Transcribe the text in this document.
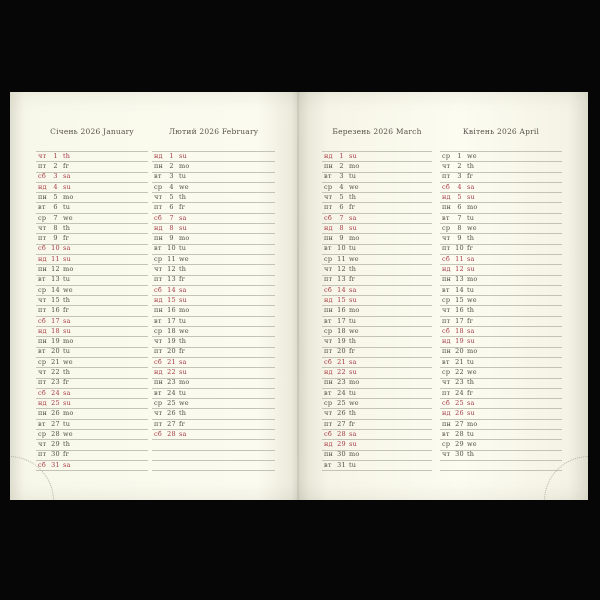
Січень 2026 January
чт	1 th
пт	2 fr
сб	3 sa
нд	4 su
пн 5 mo
вт	6 tu
ср	7 we
чт	8 th
пт	9 fr
сб 10 sa
нд 11 su
пн 12 mo
вт 13 tu
ср 14 we
чт 15 th
пт 16 fr
сб 17 sa
нд 18 su
пн 19 mo
вт 20 tu
ср 21 we
чт 22 th
пт 23 fr
сб 24 sa
нд 25 su
пн 26 mo
вт 27 tu
ср 28 we
чт 29 th
пт 30 fr
сб 31 sa
Лютий 2026 February
нд	1 su
пн 2 mo
вт	3 tu
ср	4 we
чт	5 th
пт	6 fr
сб	7 sa
нд	8 su
пн 9 mo
вт 10 tu
ср 11 we
чт 12 th
пт 13 fr
сб 14 sa
нд 15 su
пн 16 mo
вт 17 tu
ср 18 we
чт 19 th
пт 20 fr
сб 21 sa
нд 22 su
пн 23 mo
вт 24 tu
ср 25 we
чт 26 th
пт 27 fr
сб 28 sa
Березень 2026 March
нд	1 su
пн 2 mo
вт	3 tu
ср	4 we
чт	5 th
пт	6 fr
сб	7 sa
нд	8 su
пн 9 mo
вт 10 tu
ср 11 we
чт 12 th
пт 13 fr
сб 14 sa
нд 15 su
пн 16 mo
вт 17 tu
ср 18 we
чт 19 th
пт 20 fr
сб 21 sa
нд 22 su
пн 23 mo
вт 24 tu
ср 25 we
чт 26 th
пт 27 fr
сб 28 sa
нд 29 su
пн 30 mo
вт 31 tu
Квітень 2026 April
ср	1 we
чт	2 th
пт	3 fr
сб	4 sa
нд	5 su
пн 6 mo
вт	7 tu
ср	8 we
чт	9 th
пт 10 fr
сб 11 sa
нд 12 su
пн 13 mo
вт 14 tu
ср 15 we
чт 16 th
пт 17 fr
сб 18 sa
нд 19 su
пн 20 mo
вт 21 tu
ср 22 we
чт 23 th
пт 24 fr
сб 25 sa
нд 26 su
пн 27 mo
вт 28 tu
ср 29 we
чт 30 th
